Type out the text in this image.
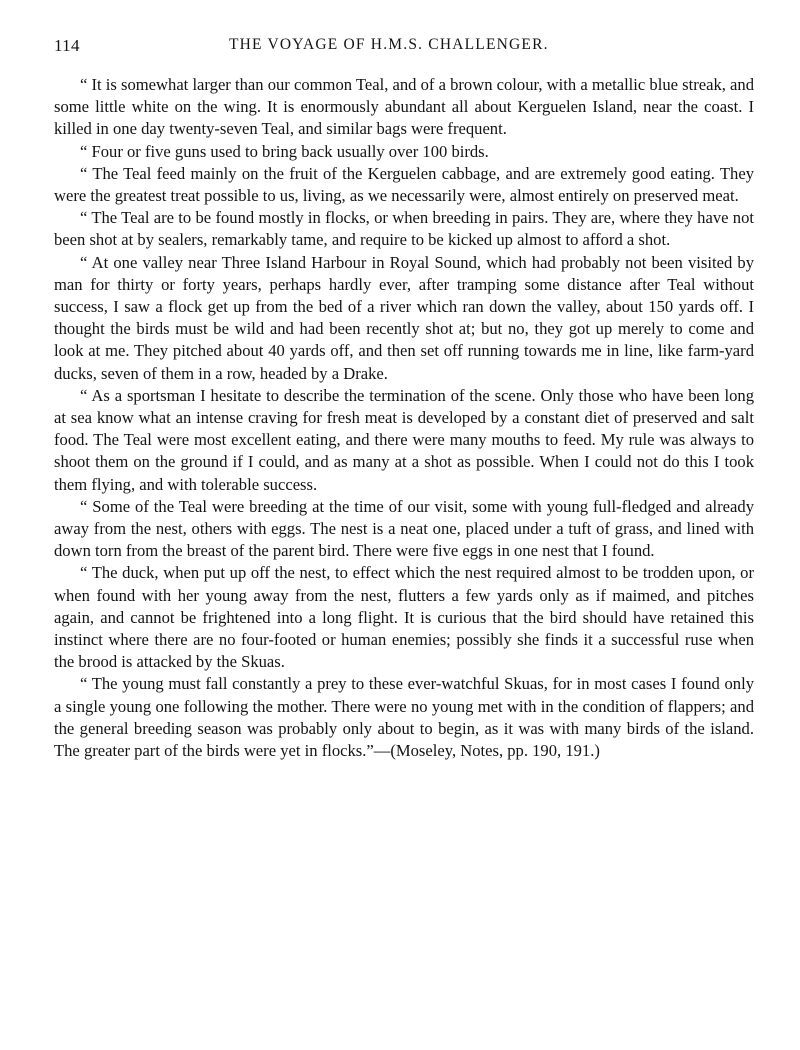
114	THE VOYAGE OF H.M.S. CHALLENGER.

“ It is somewhat larger than our common Teal, and of a brown colour, with a metallic blue streak, and some little white on the wing. It is enormously abundant all about Kerguelen Island, near the coast. I killed in one day twenty-seven Teal, and similar bags were frequent.

“ Four or five guns used to bring back usually over 100 birds.

“ The Teal feed mainly on the fruit of the Kerguelen cabbage, and are extremely good eating. They were the greatest treat possible to us, living, as we necessarily were, almost entirely on preserved meat.

“ The Teal are to be found mostly in flocks, or when breeding in pairs. They are, where they have not been shot at by sealers, remarkably tame, and require to be kicked up almost to afford a shot.

“ At one valley near Three Island Harbour in Royal Sound, which had probably not been visited by man for thirty or forty years, perhaps hardly ever, after tramping some distance after Teal without success, I saw a flock get up from the bed of a river which ran down the valley, about 150 yards off. I thought the birds must be wild and had been recently shot at; but no, they got up merely to come and look at me. They pitched about 40 yards off, and then set off running towards me in line, like farm-yard ducks, seven of them in a row, headed by a Drake.

“ As a sportsman I hesitate to describe the termination of the scene. Only those who have been long at sea know what an intense craving for fresh meat is developed by a constant diet of preserved and salt food. The Teal were most excellent eating, and there were many mouths to feed. My rule was always to shoot them on the ground if I could, and as many at a shot as possible. When I could not do this I took them flying, and with tolerable success.

“ Some of the Teal were breeding at the time of our visit, some with young full-fledged and already away from the nest, others with eggs. The nest is a neat one, placed under a tuft of grass, and lined with down torn from the breast of the parent bird. There were five eggs in one nest that I found.

“ The duck, when put up off the nest, to effect which the nest required almost to be trodden upon, or when found with her young away from the nest, flutters a few yards only as if maimed, and pitches again, and cannot be frightened into a long flight. It is curious that the bird should have retained this instinct where there are no four-footed or human enemies; possibly she finds it a successful ruse when the brood is attacked by the Skuas.

“ The young must fall constantly a prey to these ever-watchful Skuas, for in most cases I found only a single young one following the mother. There were no young met with in the condition of flappers; and the general breeding season was probably only about to begin, as it was with many birds of the island. The greater part of the birds were yet in flocks.”—(Moseley, Notes, pp. 190, 191.)
